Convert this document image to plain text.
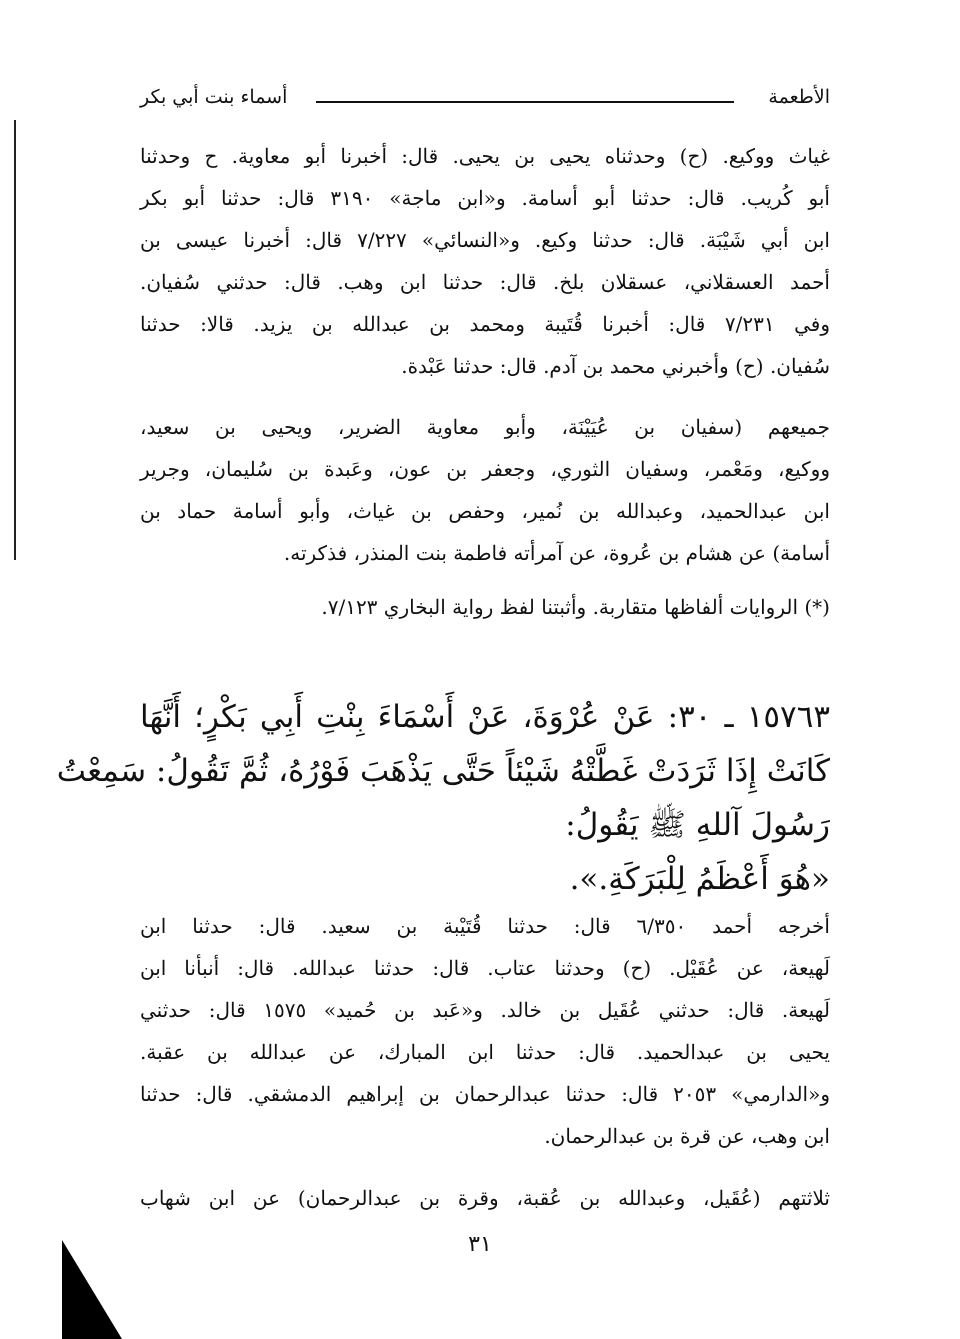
الأطعمة
أسماء بنت أبي بكر
غياث ووكيع. (ح) وحدثناه يحيى بن يحيى. قال: أخبرنا أبو معاوية. ح وحدثنا
أبو كُريب. قال: حدثنا أبو أسامة. و«ابن ماجة» ٣١٩٠ قال: حدثنا أبو بكر
ابن أبي شَيْبَة. قال: حدثنا وكيع. و«النسائي» ٧/٢٢٧ قال: أخبرنا عيسى بن
أحمد العسقلاني، عسقلان بلخ. قال: حدثنا ابن وهب. قال: حدثني سُفيان.
وفي ٧/٢٣١ قال: أخبرنا قُتَيبة ومحمد بن عبدالله بن يزيد. قالا: حدثنا
سُفيان. (ح) وأخبرني محمد بن آدم. قال: حدثنا عَبْدة.
جميعهم (سفيان بن عُيَيْنَة، وأبو معاوية الضرير، ويحيى بن سعيد،
ووكيع، ومَعْمر، وسفيان الثوري، وجعفر بن عون، وعَبدة بن سُليمان، وجرير
ابن عبدالحميد، وعبدالله بن نُمير، وحفص بن غياث، وأبو أسامة حماد بن
أسامة) عن هشام بن عُروة، عن آمرأته فاطمة بنت المنذر، فذكرته.
(*) الروايات ألفاظها متقاربة. وأثبتنا لفظ رواية البخاري ٧/١٢٣.
١٥٧٦٣ ـ ٣٠: عَنْ عُرْوَةَ، عَنْ أَسْمَاءَ بِنْتِ أَبِي بَكْرٍ؛ أَنَّهَا
كَانَتْ إِذَا ثَرَدَتْ غَطَّتْهُ شَيْئاً حَتَّى يَذْهَبَ فَوْرُهُ، ثُمَّ تَقُولُ: سَمِعْتُ
رَسُولَ آللهِ ﷺ يَقُولُ:
«هُوَ أَعْظَمُ لِلْبَرَكَةِ.».
أخرجه أحمد ٦/٣٥٠ قال: حدثنا قُتَيْبة بن سعيد. قال: حدثنا ابن
لَهيعة، عن عُقَيْل. (ح) وحدثنا عتاب. قال: حدثنا عبدالله. قال: أنبأنا ابن
لَهيعة. قال: حدثني عُقَيل بن خالد. و«عَبد بن حُميد» ١٥٧٥ قال: حدثني
يحيى بن عبدالحميد. قال: حدثنا ابن المبارك، عن عبدالله بن عقبة.
و«الدارمي» ٢٠٥٣ قال: حدثنا عبدالرحمان بن إبراهيم الدمشقي. قال: حدثنا
ابن وهب، عن قرة بن عبدالرحمان.
ثلاثتهم (عُقَيل، وعبدالله بن عُقبة، وقرة بن عبدالرحمان) عن ابن شهاب
٣١
